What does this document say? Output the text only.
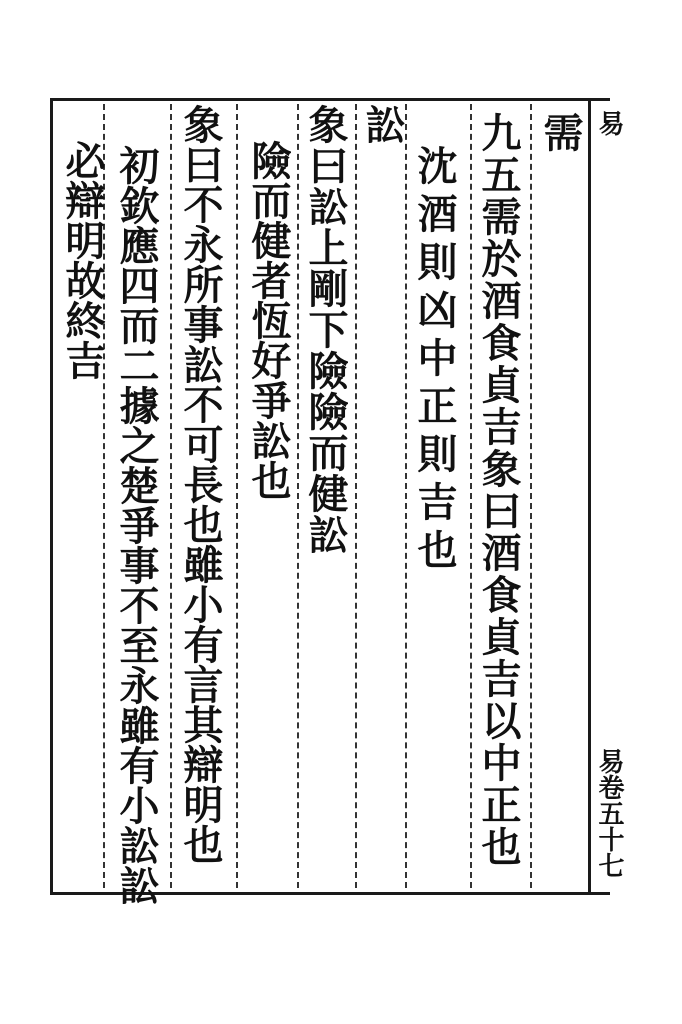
易
易卷五十七
需
九五需於酒食貞吉象曰酒食貞吉以中正也
沈酒則凶中正則吉也
訟
象曰訟上剛下險險而健訟
險而健者恆好爭訟也
象曰不永所事訟不可長也雖小有言其辯明也
初欽應四而二據之楚爭事不至永雖有小訟訟
必辯明故終吉
